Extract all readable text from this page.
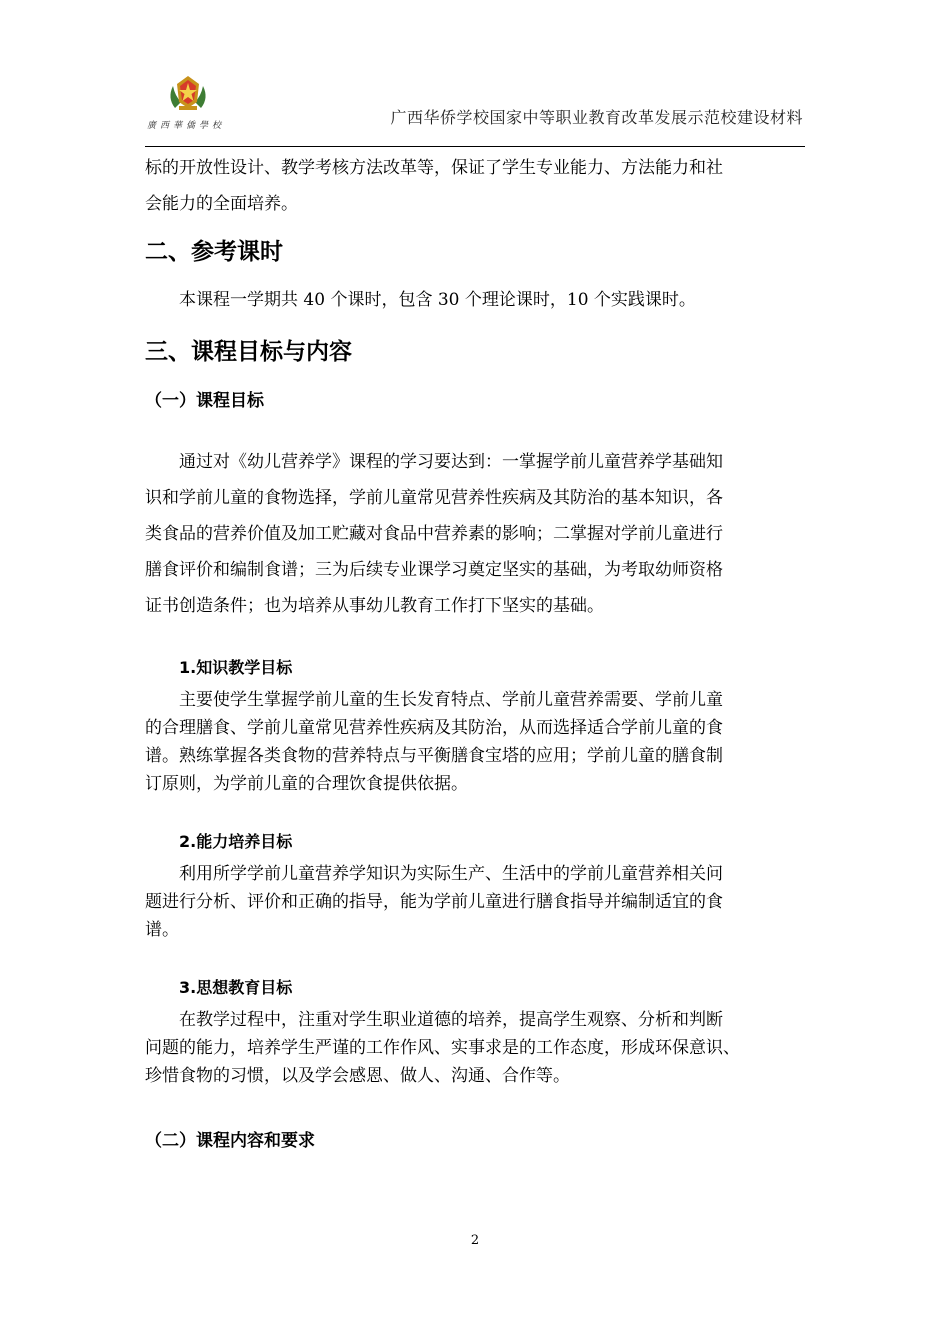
廣西華僑學校	广西华侨学校国家中等职业教育改革发展示范校建设材料

标的开放性设计、教学考核方法改革等，保证了学生专业能力、方法能力和社

会能力的全面培养。

二、参考课时

本课程一学期共 40 个课时，包含 30 个理论课时，10 个实践课时。

三、课程目标与内容
（一）课程目标

通过对《幼儿营养学》课程的学习要达到：一掌握学前儿童营养学基础知

识和学前儿童的食物选择，学前儿童常见营养性疾病及其防治的基本知识，各

类食品的营养价值及加工贮藏对食品中营养素的影响；二掌握对学前儿童进行

膳食评价和编制食谱；三为后续专业课学习奠定坚实的基础，为考取幼师资格

证书创造条件；也为培养从事幼儿教育工作打下坚实的基础。

1.知识教学目标

主要使学生掌握学前儿童的生长发育特点、学前儿童营养需要、学前儿童

的合理膳食、学前儿童常见营养性疾病及其防治，从而选择适合学前儿童的食

谱。熟练掌握各类食物的营养特点与平衡膳食宝塔的应用；学前儿童的膳食制

订原则，为学前儿童的合理饮食提供依据。

2.能力培养目标

利用所学学前儿童营养学知识为实际生产、生活中的学前儿童营养相关问

题进行分析、评价和正确的指导，能为学前儿童进行膳食指导并编制适宜的食

谱。

3.思想教育目标

在教学过程中，注重对学生职业道德的培养，提高学生观察、分析和判断

问题的能力，培养学生严谨的工作作风、实事求是的工作态度，形成环保意识、

珍惜食物的习惯，以及学会感恩、做人、沟通、合作等。

（二）课程内容和要求
2
